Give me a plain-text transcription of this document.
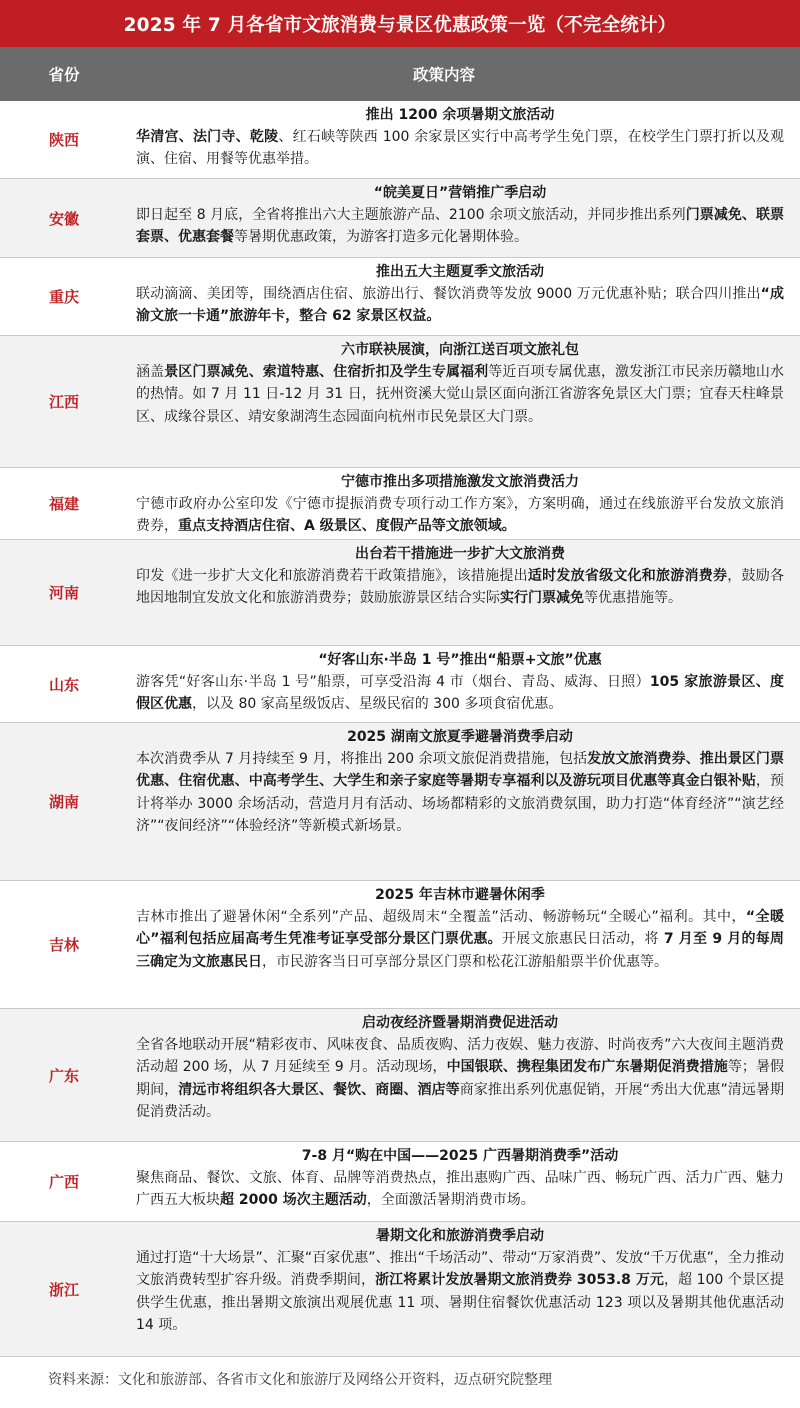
2025 年 7 月各省市文旅消费与景区优惠政策一览（不完全统计）
省份	政策内容
陕西
推出 1200 余项暑期文旅活动
华清宫、法门寺、乾陵、红石峡等陕西 100 余家景区实行中高考学生免门票，在校学生门票打折以及观演、住宿、用餐等优惠举措。
安徽
“皖美夏日”营销推广季启动
即日起至 8 月底，全省将推出六大主题旅游产品、2100 余项文旅活动，并同步推出系列门票减免、联票套票、优惠套餐等暑期优惠政策，为游客打造多元化暑期体验。
重庆
推出五大主题夏季文旅活动
联动滴滴、美团等，围绕酒店住宿、旅游出行、餐饮消费等发放 9000 万元优惠补贴；联合四川推出“成渝文旅一卡通”旅游年卡，整合 62 家景区权益。
江西
六市联袂展演，向浙江送百项文旅礼包
涵盖景区门票减免、索道特惠、住宿折扣及学生专属福利等近百项专属优惠，激发浙江市民亲历赣地山水的热情。如 7 月 11 日-12 月 31 日，抚州资溪大觉山景区面向浙江省游客免景区大门票；宜春天柱峰景区、成缘谷景区、靖安象湖湾生态园面向杭州市民免景区大门票。
福建
宁德市推出多项措施激发文旅消费活力
宁德市政府办公室印发《宁德市提振消费专项行动工作方案》，方案明确，通过在线旅游平台发放文旅消费券，重点支持酒店住宿、A 级景区、度假产品等文旅领域。
河南
出台若干措施进一步扩大文旅消费
印发《进一步扩大文化和旅游消费若干政策措施》，该措施提出适时发放省级文化和旅游消费券，鼓励各地因地制宜发放文化和旅游消费券；鼓励旅游景区结合实际实行门票减免等优惠措施等。
山东
“好客山东·半岛 1 号”推出“船票+文旅”优惠
游客凭“好客山东·半岛 1 号”船票，可享受沿海 4 市（烟台、青岛、威海、日照）105 家旅游景区、度假区优惠，以及 80 家高星级饭店、星级民宿的 300 多项食宿优惠。
湖南
2025 湖南文旅夏季避暑消费季启动
本次消费季从 7 月持续至 9 月，将推出 200 余项文旅促消费措施，包括发放文旅消费券、推出景区门票优惠、住宿优惠、中高考学生、大学生和亲子家庭等暑期专享福利以及游玩项目优惠等真金白银补贴，预计将举办 3000 余场活动，营造月月有活动、场场都精彩的文旅消费氛围，助力打造“体育经济”“演艺经济”“夜间经济”“体验经济”等新模式新场景。
吉林
2025 年吉林市避暑休闲季
吉林市推出了避暑休闲“全系列”产品、超级周末“全覆盖”活动、畅游畅玩“全暖心”福利。其中，“全暖心”福利包括应届高考生凭准考证享受部分景区门票优惠。开展文旅惠民日活动，将 7 月至 9 月的每周三确定为文旅惠民日，市民游客当日可享部分景区门票和松花江游船船票半价优惠等。
广东
启动夜经济暨暑期消费促进活动
全省各地联动开展“精彩夜市、风味夜食、品质夜购、活力夜娱、魅力夜游、时尚夜秀”六大夜间主题消费活动超 200 场，从 7 月延续至 9 月。活动现场，中国银联、携程集团发布广东暑期促消费措施等；暑假期间，清远市将组织各大景区、餐饮、商圈、酒店等商家推出系列优惠促销，开展“秀出大优惠”清远暑期促消费活动。
广西
7-8 月“购在中国——2025 广西暑期消费季”活动
聚焦商品、餐饮、文旅、体育、品牌等消费热点，推出惠购广西、品味广西、畅玩广西、活力广西、魅力广西五大板块超 2000 场次主题活动，全面激活暑期消费市场。
浙江
暑期文化和旅游消费季启动
通过打造“十大场景”、汇聚“百家优惠”、推出“千场活动”、带动“万家消费”、发放“千万优惠”，全力推动文旅消费转型扩容升级。消费季期间，浙江将累计发放暑期文旅消费券 3053.8 万元，超 100 个景区提供学生优惠，推出暑期文旅演出观展优惠 11 项、暑期住宿餐饮优惠活动 123 项以及暑期其他优惠活动 14 项。
资料来源：文化和旅游部、各省市文化和旅游厅及网络公开资料，迈点研究院整理
